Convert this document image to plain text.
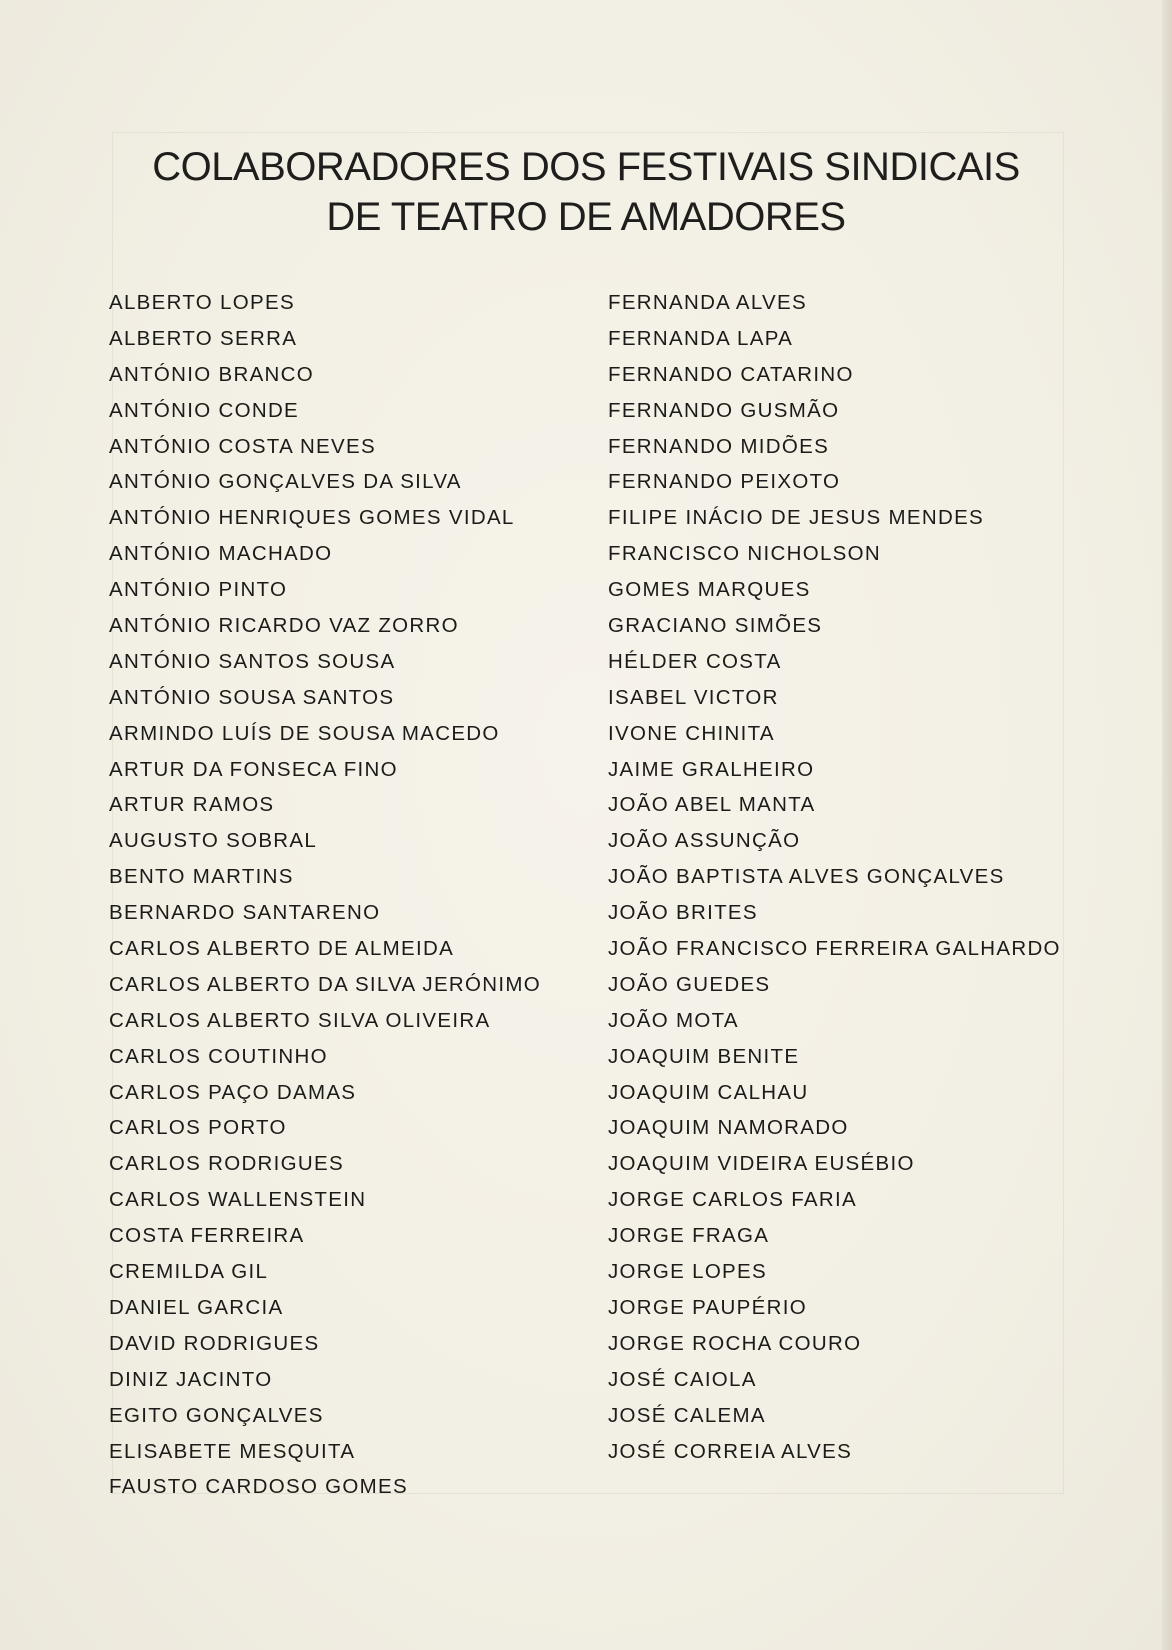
COLABORADORES DOS FESTIVAIS SINDICAIS
DE TEATRO DE AMADORES
ALBERTO LOPES
ALBERTO SERRA
ANTÓNIO BRANCO
ANTÓNIO CONDE
ANTÓNIO COSTA NEVES
ANTÓNIO GONÇALVES DA SILVA
ANTÓNIO HENRIQUES GOMES VIDAL
ANTÓNIO MACHADO
ANTÓNIO PINTO
ANTÓNIO RICARDO VAZ ZORRO
ANTÓNIO SANTOS SOUSA
ANTÓNIO SOUSA SANTOS
ARMINDO LUÍS DE SOUSA MACEDO
ARTUR DA FONSECA FINO
ARTUR RAMOS
AUGUSTO SOBRAL
BENTO MARTINS
BERNARDO SANTARENO
CARLOS ALBERTO DE ALMEIDA
CARLOS ALBERTO DA SILVA JERÓNIMO
CARLOS ALBERTO SILVA OLIVEIRA
CARLOS COUTINHO
CARLOS PAÇO DAMAS
CARLOS PORTO
CARLOS RODRIGUES
CARLOS WALLENSTEIN
COSTA FERREIRA
CREMILDA GIL
DANIEL GARCIA
DAVID RODRIGUES
DINIZ JACINTO
EGITO GONÇALVES
ELISABETE MESQUITA
FAUSTO CARDOSO GOMES
FERNANDA ALVES
FERNANDA LAPA
FERNANDO CATARINO
FERNANDO GUSMÃO
FERNANDO MIDÕES
FERNANDO PEIXOTO
FILIPE INÁCIO DE JESUS MENDES
FRANCISCO NICHOLSON
GOMES MARQUES
GRACIANO SIMÕES
HÉLDER COSTA
ISABEL VICTOR
IVONE CHINITA
JAIME GRALHEIRO
JOÃO ABEL MANTA
JOÃO ASSUNÇÃO
JOÃO BAPTISTA ALVES GONÇALVES
JOÃO BRITES
JOÃO FRANCISCO FERREIRA GALHARDO
JOÃO GUEDES
JOÃO MOTA
JOAQUIM BENITE
JOAQUIM CALHAU
JOAQUIM NAMORADO
JOAQUIM VIDEIRA EUSÉBIO
JORGE CARLOS FARIA
JORGE FRAGA
JORGE LOPES
JORGE PAUPÉRIO
JORGE ROCHA COURO
JOSÉ CAIOLA
JOSÉ CALEMA
JOSÉ CORREIA ALVES
